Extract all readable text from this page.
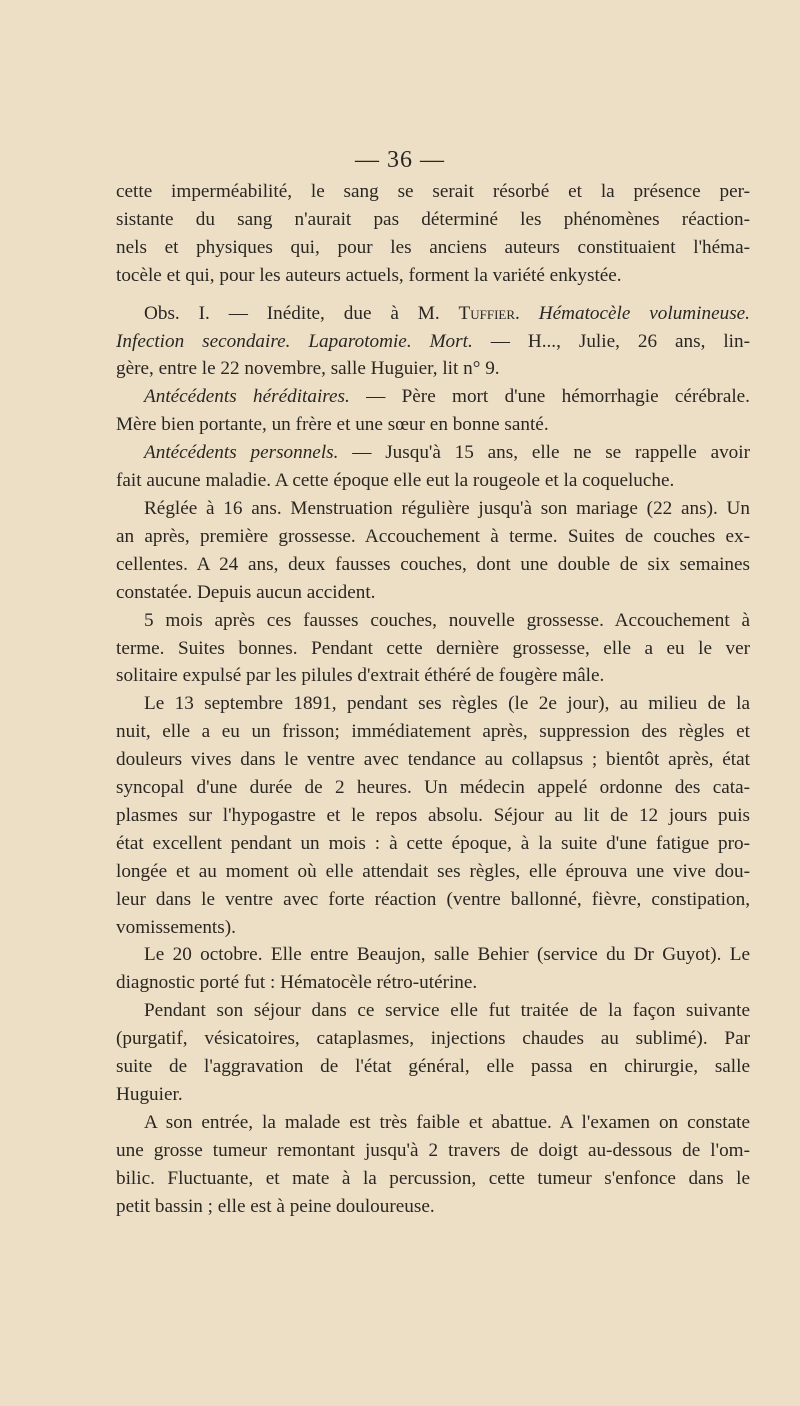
— 36 —
cette imperméabilité, le sang se serait résorbé et la présence per-
sistante du sang n'aurait pas déterminé les phénomènes réaction-
nels et physiques qui, pour les anciens auteurs constituaient l'héma-
tocèle et qui, pour les auteurs actuels, forment la variété enkystée.
Obs. I. — Inédite, due à M. Tuffier. Hématocèle volumineuse.
Infection secondaire. Laparotomie. Mort. — H..., Julie, 26 ans, lin-
gère, entre le 22 novembre, salle Huguier, lit n° 9.
Antécédents héréditaires. — Père mort d'une hémorrhagie cérébrale.
Mère bien portante, un frère et une sœur en bonne santé.
Antécédents personnels. — Jusqu'à 15 ans, elle ne se rappelle avoir
fait aucune maladie. A cette époque elle eut la rougeole et la coqueluche.
Réglée à 16 ans. Menstruation régulière jusqu'à son mariage (22 ans). Un
an après, première grossesse. Accouchement à terme. Suites de couches ex-
cellentes. A 24 ans, deux fausses couches, dont une double de six semaines
constatée. Depuis aucun accident.
5 mois après ces fausses couches, nouvelle grossesse. Accouchement à
terme. Suites bonnes. Pendant cette dernière grossesse, elle a eu le ver
solitaire expulsé par les pilules d'extrait éthéré de fougère mâle.
Le 13 septembre 1891, pendant ses règles (le 2e jour), au milieu de la
nuit, elle a eu un frisson; immédiatement après, suppression des règles et
douleurs vives dans le ventre avec tendance au collapsus ; bientôt après, état
syncopal d'une durée de 2 heures. Un médecin appelé ordonne des cata-
plasmes sur l'hypogastre et le repos absolu. Séjour au lit de 12 jours puis
état excellent pendant un mois : à cette époque, à la suite d'une fatigue pro-
longée et au moment où elle attendait ses règles, elle éprouva une vive dou-
leur dans le ventre avec forte réaction (ventre ballonné, fièvre, constipation,
vomissements).
Le 20 octobre. Elle entre Beaujon, salle Behier (service du Dr Guyot). Le
diagnostic porté fut : Hématocèle rétro-utérine.
Pendant son séjour dans ce service elle fut traitée de la façon suivante
(purgatif, vésicatoires, cataplasmes, injections chaudes au sublimé). Par
suite de l'aggravation de l'état général, elle passa en chirurgie, salle
Huguier.
A son entrée, la malade est très faible et abattue. A l'examen on constate
une grosse tumeur remontant jusqu'à 2 travers de doigt au-dessous de l'om-
bilic. Fluctuante, et mate à la percussion, cette tumeur s'enfonce dans le
petit bassin ; elle est à peine douloureuse.
